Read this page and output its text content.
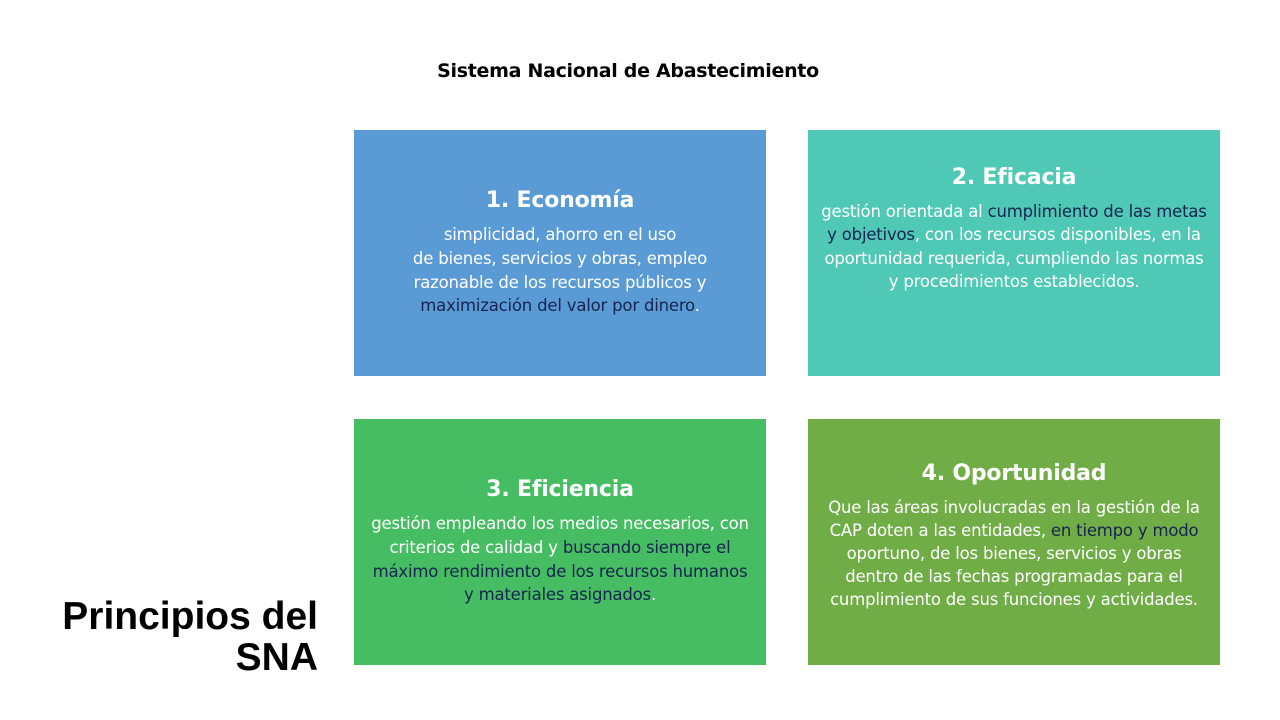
Sistema Nacional de Abastecimiento
1. Economía
simplicidad, ahorro en el uso
de bienes, servicios y obras, empleo
razonable de los recursos públicos y
maximización del valor por dinero.
2. Eficacia
gestión orientada al cumplimiento de las metas y objetivos, con los recursos disponibles, en la oportunidad requerida, cumpliendo las normas y procedimientos establecidos.
3. Eficiencia
gestión empleando los medios necesarios, con criterios de calidad y buscando siempre el máximo rendimiento de los recursos humanos y materiales asignados.
4. Oportunidad
Que las áreas involucradas en la gestión de la CAP doten a las entidades, en tiempo y modo oportuno, de los bienes, servicios y obras dentro de las fechas programadas para el cumplimiento de sus funciones y actividades.
Principios del
SNA
